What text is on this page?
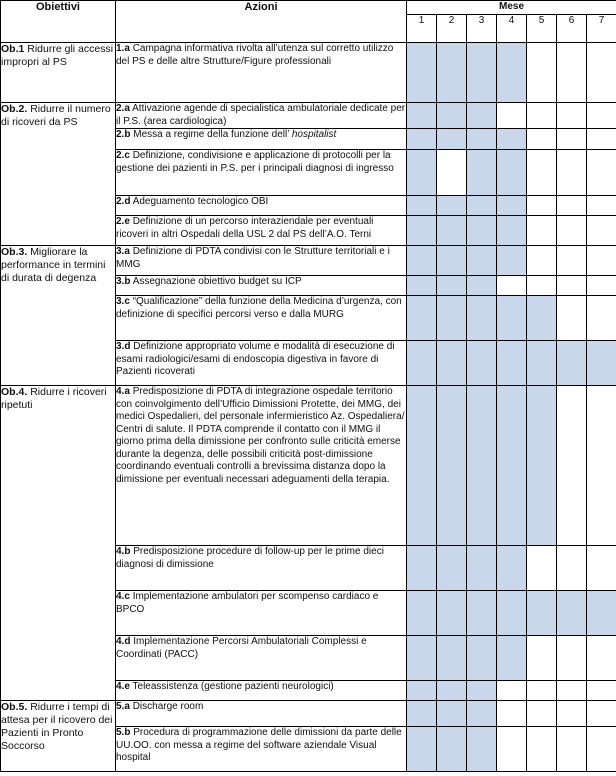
Obiettivi	Azioni	Mese						
		1	2	3	4	5	6	7
Ob.1 Ridurre gli accessi impropri al PS	1.a Campagna informativa rivolta all’utenza sul corretto utilizzo del PS e delle altre Strutture/Figure professionali							
Ob.2. Ridurre il numero di ricoveri da PS	2.a Attivazione agende di specialistica ambulatoriale dedicate per il P.S. (area cardiologica)							
	2.b Messa a regime della funzione dell’ hospitalist							
	2.c Definizione, condivisione e applicazione di protocolli per la gestione dei pazienti in P.S. per i principali diagnosi di ingresso							
	2.d Adeguamento tecnologico OBI							
	2.e Definizione di un percorso interaziendale per eventuali ricoveri in altri Ospedali della USL 2 dal PS dell’A.O. Terni							
Ob.3. Migliorare la performance in termini di durata di degenza	3.a Definizione di PDTA condivisi con le Strutture territoriali e i MMG							
	3.b Assegnazione obiettivo budget su ICP							
	3.c “Qualificazione” della funzione della Medicina d’urgenza, con definizione di specifici percorsi verso e dalla MURG							
	3.d Definizione appropriato volume e modalità di esecuzione di esami radiologici/esami di endoscopia digestiva in favore di Pazienti ricoverati							
Ob.4. Ridurre i ricoveri ripetuti	4.a Predisposizione di PDTA di integrazione ospedale territorio con coinvolgimento dell’Ufficio Dimissioni Protette, dei MMG, dei medici Ospedalieri, del personale infermieristico Az. Ospedaliera/ Centri di salute. Il PDTA comprende il contatto con il MMG il giorno prima della dimissione per confronto sulle criticità emerse durante la degenza, delle possibili criticità post-dimissione coordinando eventuali controlli a brevissima distanza dopo la dimissione per eventuali necessari adeguamenti della terapia.							
	4.b Predisposizione procedure di follow-up per le prime dieci diagnosi di dimissione							
	4.c Implementazione ambulatori per scompenso cardiaco e BPCO							
	4.d Implementazione Percorsi Ambulatoriali Complessi e Coordinati (PACC)							
	4.e Teleassistenza (gestione pazienti neurologici)							
Ob.5. Ridurre i tempi di attesa per il ricovero dei Pazienti in Pronto Soccorso	5.a Discharge room							
	5.b Procedura di programmazione delle dimissioni da parte delle UU.OO. con messa a regime del software aziendale Visual hospital							
